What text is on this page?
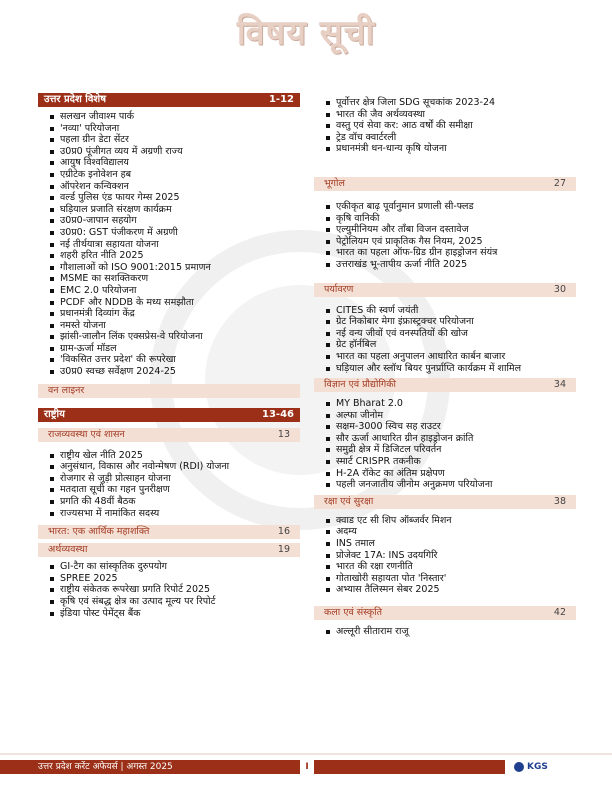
विषय सूची
उत्तर प्रदेश विशेष	1-12
सलखन जीवाश्म पार्क
'नव्या' परियोजना
पहला ग्रीन डेटा सेंटर
उ0प्र0 पूंजीगत व्यय में अग्रणी राज्य
आयुष विश्वविद्यालय
एग्रीटेक इनोवेशन हब
ऑपरेशन कन्विक्शन
वर्ल्ड पुलिस एंड फायर गेम्स 2025
घड़ियाल प्रजाति संरक्षण कार्यक्रम
उ0प्र0-जापान सहयोग
उ0प्र0: GST पंजीकरण में अग्रणी
नई तीर्थयात्रा सहायता योजना
शहरी हरित नीति 2025
गौशालाओं को ISO 9001:2015 प्रमाणन
MSME का सशक्तिकरण
EMC 2.0 परियोजना
PCDF और NDDB के मध्य समझौता
प्रधानमंत्री दिव्यांग केंद्र
नमस्ते योजना
झांसी-जालौन लिंक एक्सप्रेस-वे परियोजना
ग्राम-ऊर्जा मॉडल
'विकसित उत्तर प्रदेश' की रूपरेखा
उ0प्र0 स्वच्छ सर्वेक्षण 2024-25
वन लाइनर
राष्ट्रीय	13-46
राजव्यवस्था एवं शासन	13
राष्ट्रीय खेल नीति 2025
अनुसंधान, विकास और नवोन्मेषण (RDI) योजना
रोजगार से जुड़ी प्रोत्साहन योजना
मतदाता सूची का गहन पुनरीक्षण
प्रगति की 48वीं बैठक
राज्यसभा में नामांकित सदस्य
भारत: एक आर्थिक महाशक्ति	16
अर्थव्यवस्था	19
GI-टैग का सांस्कृतिक दुरुपयोग
SPREE 2025
राष्ट्रीय संकेतक रूपरेखा प्रगति रिपोर्ट 2025
कृषि एवं संबद्ध क्षेत्र का उत्पाद मूल्य पर रिपोर्ट
इंडिया पोस्ट पेमेंट्स बैंक
पूर्वोत्तर क्षेत्र जिला SDG सूचकांक 2023-24
भारत की जैव अर्थव्यवस्था
वस्तु एवं सेवा कर: आठ वर्षों की समीक्षा
ट्रेड वॉच क्वार्टरली
प्रधानमंत्री धन-धान्य कृषि योजना
भूगोल	27
एकीकृत बाढ़ पूर्वानुमान प्रणाली सी-फ्लड
कृषि वानिकी
एल्युमीनियम और ताँबा विजन दस्तावेज
पेट्रोलियम एवं प्राकृतिक गैस नियम, 2025
भारत का पहला ऑफ-ग्रिड ग्रीन हाइड्रोजन संयंत्र
उत्तराखंड भू-तापीय ऊर्जा नीति 2025
पर्यावरण	30
CITES की स्वर्ण जयंती
ग्रेट निकोबार मेगा इंफ्रास्ट्रक्चर परियोजना
नई वन्य जीवों एवं वनस्पतियों की खोज
ग्रेट हॉर्नबिल
भारत का पहला अनुपालन आधारित कार्बन बाजार
घड़ियाल और स्लॉथ बियर पुनर्प्राप्ति कार्यक्रम में शामिल
विज्ञान एवं प्रौद्योगिकी	34
MY Bharat 2.0
अल्फा जीनोम
सक्षम-3000 स्विच सह राउटर
सौर ऊर्जा आधारित ग्रीन हाइड्रोजन क्रांति
समुद्री क्षेत्र में डिजिटल परिवर्तन
स्मार्ट CRISPR तकनीक
H-2A रॉकेट का अंतिम प्रक्षेपण
पहली जनजातीय जीनोम अनुक्रमण परियोजना
रक्षा एवं सुरक्षा	38
क्वाड एट सी शिप ऑब्जर्वर मिशन
अदम्य
INS तमाल
प्रोजेक्ट 17A: INS उदयगिरि
भारत की रक्षा रणनीति
गोताखोरी सहायता पोत 'निस्तार'
अभ्यास तैलिस्मन सेबर 2025
कला एवं संस्कृति	42
अल्लूरी सीताराम राजू
उत्तर प्रदेश करेंट अफेयर्स | अगस्त 2025	I	KGS
